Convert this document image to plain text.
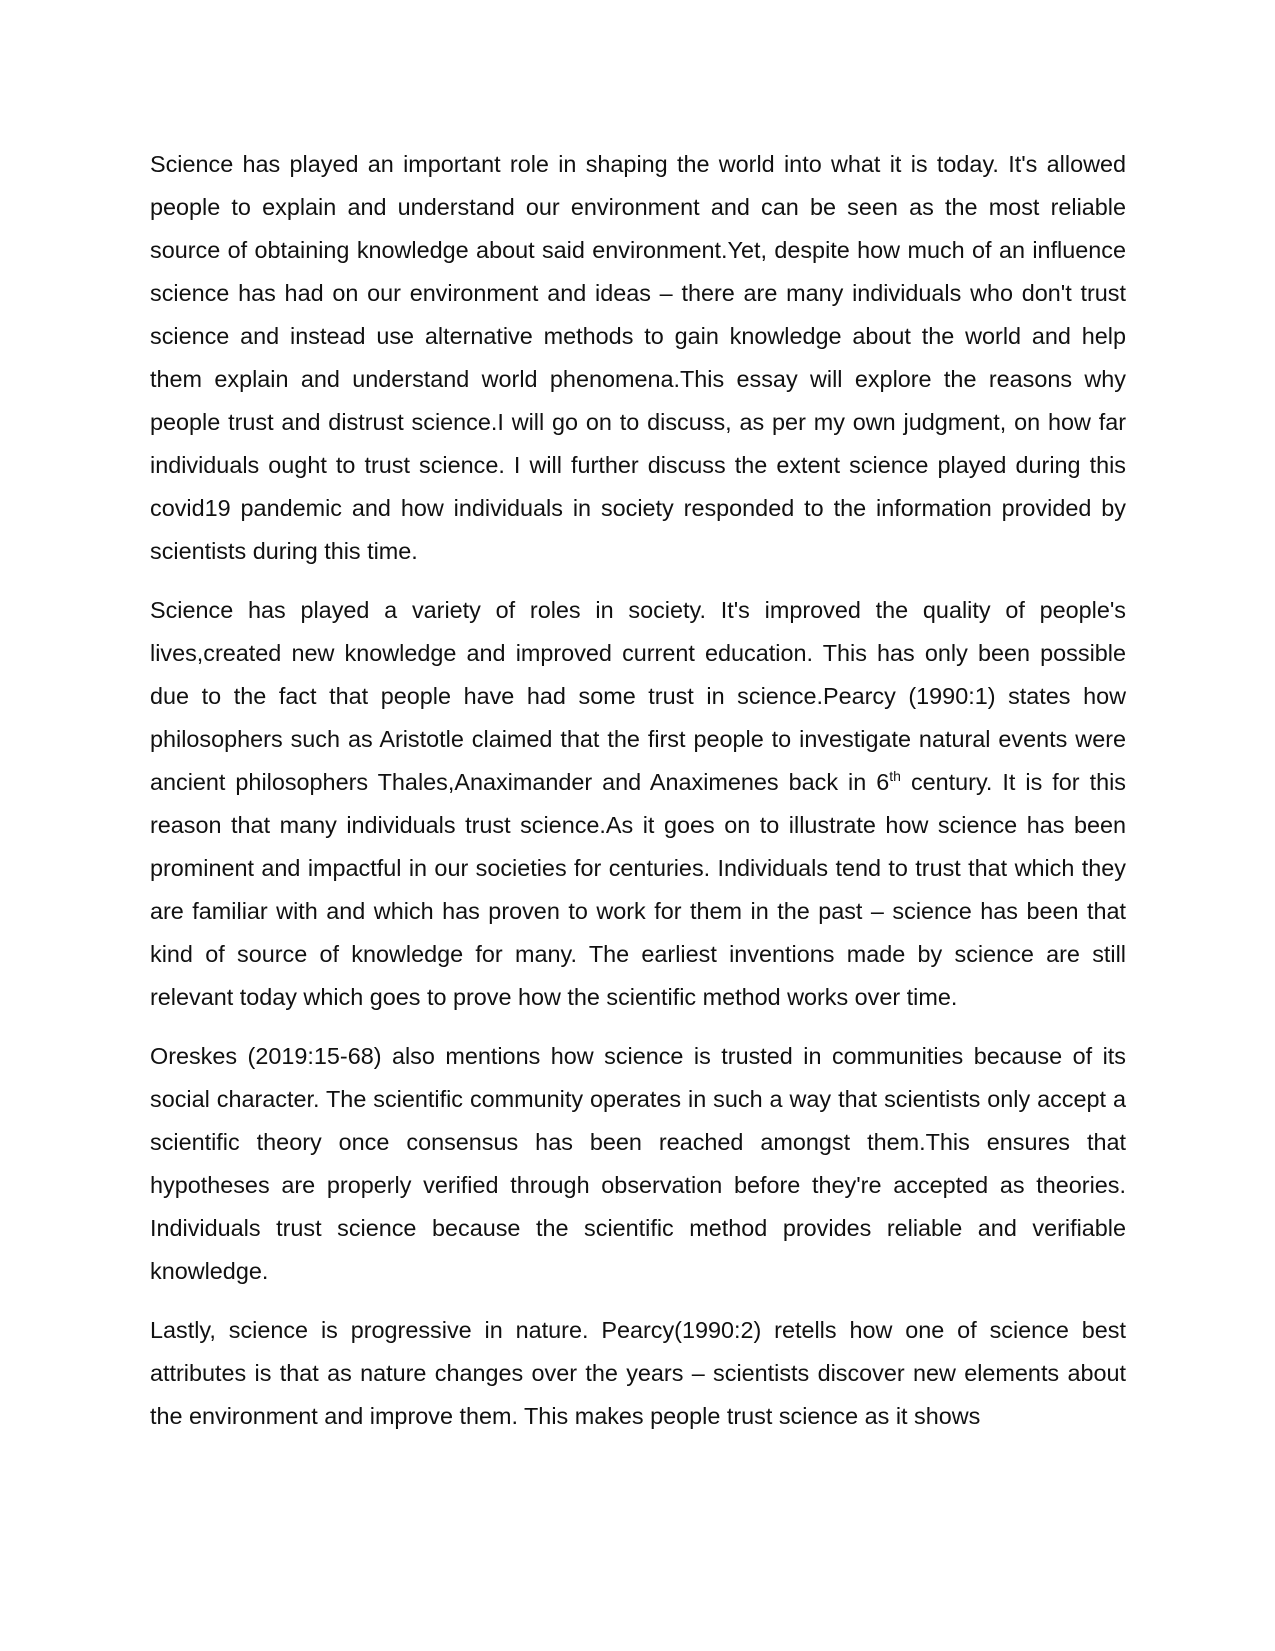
Science has played an important role in shaping the world into what it is today. It's allowed people to explain and understand our environment and can be seen as the most reliable source of obtaining knowledge about said environment.Yet, despite how much of an influence science has had on our environment and ideas – there are many individuals who don't trust science and instead use alternative methods to gain knowledge about the world and help them explain and understand world phenomena.This essay will explore the reasons why people trust and distrust science.I will go on to discuss, as per my own judgment, on how far individuals ought to trust science. I will further discuss the extent science played during this covid19 pandemic and how individuals in society responded to the information provided by scientists during this time.

Science has played a variety of roles in society. It's improved the quality of people's lives,created new knowledge and improved current education. This has only been possible due to the fact that people have had some trust in science.Pearcy (1990:1) states how philosophers such as Aristotle claimed that the first people to investigate natural events were ancient philosophers Thales,Anaximander and Anaximenes back in 6th century. It is for this reason that many individuals trust science.As it goes on to illustrate how science has been prominent and impactful in our societies for centuries. Individuals tend to trust that which they are familiar with and which has proven to work for them in the past – science has been that kind of source of knowledge for many. The earliest inventions made by science are still relevant today which goes to prove how the scientific method works over time.

Oreskes (2019:15-68) also mentions how science is trusted in communities because of its social character. The scientific community operates in such a way that scientists only accept a scientific theory once consensus has been reached amongst them.This ensures that hypotheses are properly verified through observation before they're accepted as theories. Individuals trust science because the scientific method provides reliable and verifiable knowledge.

Lastly, science is progressive in nature. Pearcy(1990:2) retells how one of science best attributes is that as nature changes over the years – scientists discover new elements about the environment and improve them. This makes people trust science as it shows
